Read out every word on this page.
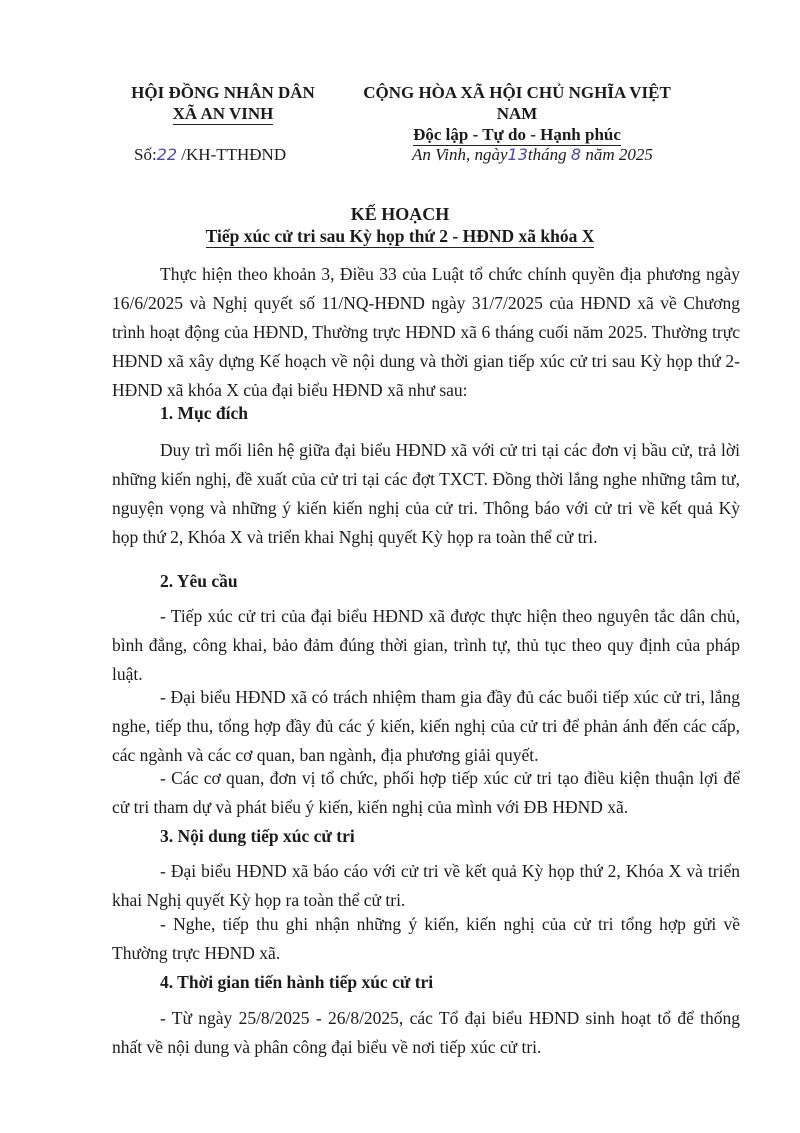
HỘI ĐỒNG NHÂN DÂN
XÃ AN VINH
CỘNG HÒA XÃ HỘI CHỦ NGHĨA VIỆT NAM
Độc lập - Tự do - Hạnh phúc
Số:22 /KH-TTHĐND	An Vinh, ngày13tháng 8 năm 2025
KẾ HOẠCH
Tiếp xúc cử tri sau Kỳ họp thứ 2 - HĐND xã khóa X
Thực hiện theo khoản 3, Điều 33 của Luật tổ chức chính quyền địa phương ngày 16/6/2025 và Nghị quyết số 11/NQ-HĐND ngày 31/7/2025 của HĐND xã về Chương trình hoạt động của HĐND, Thường trực HĐND xã 6 tháng cuối năm 2025. Thường trực HĐND xã xây dựng Kế hoạch về nội dung và thời gian tiếp xúc cử tri sau Kỳ họp thứ 2- HĐND xã khóa X của đại biểu HĐND xã như sau:
1. Mục đích
Duy trì mối liên hệ giữa đại biểu HĐND xã với cử tri tại các đơn vị bầu cử, trả lời những kiến nghị, đề xuất của cử tri tại các đợt TXCT. Đồng thời lắng nghe những tâm tư, nguyện vọng và những ý kiến kiến nghị của cử tri. Thông báo với cử tri về kết quả Kỳ họp thứ 2, Khóa X và triển khai Nghị quyết Kỳ họp ra toàn thể cử tri.
2. Yêu cầu
- Tiếp xúc cử tri của đại biểu HĐND xã được thực hiện theo nguyên tắc dân chủ, bình đẳng, công khai, bảo đảm đúng thời gian, trình tự, thủ tục theo quy định của pháp luật.
- Đại biểu HĐND xã có trách nhiệm tham gia đầy đủ các buổi tiếp xúc cử tri, lắng nghe, tiếp thu, tổng hợp đầy đủ các ý kiến, kiến nghị của cử tri để phản ánh đến các cấp, các ngành và các cơ quan, ban ngành, địa phương giải quyết.
- Các cơ quan, đơn vị tổ chức, phối hợp tiếp xúc cử tri tạo điều kiện thuận lợi để cử tri tham dự và phát biểu ý kiến, kiến nghị của mình với ĐB HĐND xã.
3. Nội dung tiếp xúc cử tri
- Đại biểu HĐND xã báo cáo với cử tri về kết quả Kỳ họp thứ 2, Khóa X và triển khai Nghị quyết Kỳ họp ra toàn thể cử tri.
- Nghe, tiếp thu ghi nhận những ý kiến, kiến nghị của cử tri tổng hợp gửi về Thường trực HĐND xã.
4. Thời gian tiến hành tiếp xúc cử tri
- Từ ngày 25/8/2025 - 26/8/2025, các Tổ đại biểu HĐND sinh hoạt tổ để thống nhất về nội dung và phân công đại biểu về nơi tiếp xúc cử tri.
